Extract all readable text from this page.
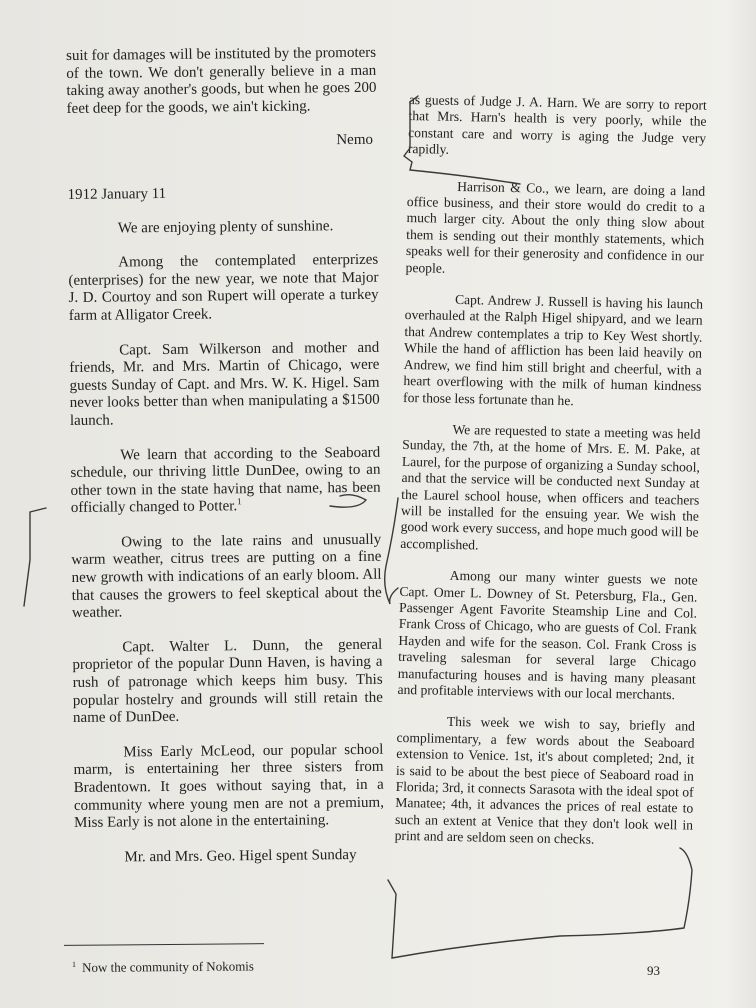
suit for damages will be instituted by the promoters of the town. We don't generally believe in a man taking away another's goods, but when he goes 200 feet deep for the goods, we ain't kicking.

Nemo

1912 January 11

We are enjoying plenty of sunshine.

Among the contemplated enterprizes (enterprises) for the new year, we note that Major J. D. Courtoy and son Rupert will operate a turkey farm at Alligator Creek.

Capt. Sam Wilkerson and mother and friends, Mr. and Mrs. Martin of Chicago, were guests Sunday of Capt. and Mrs. W. K. Higel. Sam never looks better than when manipulating a $1500 launch.

We learn that according to the Seaboard schedule, our thriving little DunDee, owing to an other town in the state having that name, has been officially changed to Potter.$^1$

Owing to the late rains and unusually warm weather, citrus trees are putting on a fine new growth with indications of an early bloom. All that causes the growers to feel skeptical about the weather.

Capt. Walter L. Dunn, the general proprietor of the popular Dunn Haven, is having a rush of patronage which keeps him busy. This popular hostelry and grounds will still retain the name of DunDee.

Miss Early McLeod, our popular school marm, is entertaining her three sisters from Bradentown. It goes without saying that, in a community where young men are not a premium, Miss Early is not alone in the entertaining.

Mr. and Mrs. Geo. Higel spent Sunday

as guests of Judge J. A. Harn. We are sorry to report that Mrs. Harn's health is very poorly, while the constant care and worry is aging the Judge very rapidly.

Harrison & Co., we learn, are doing a land office business, and their store would do credit to a much larger city. About the only thing slow about them is sending out their monthly statements, which speaks well for their generosity and confidence in our people.

Capt. Andrew J. Russell is having his launch overhauled at the Ralph Higel shipyard, and we learn that Andrew contemplates a trip to Key West shortly. While the hand of affliction has been laid heavily on Andrew, we find him still bright and cheerful, with a heart overflowing with the milk of human kindness for those less fortunate than he.

We are requested to state a meeting was held Sunday, the 7th, at the home of Mrs. E. M. Pake, at Laurel, for the purpose of organizing a Sunday school, and that the service will be conducted next Sunday at the Laurel school house, when officers and teachers will be installed for the ensuing year. We wish the good work every success, and hope much good will be accomplished.

Among our many winter guests we note Capt. Omer L. Downey of St. Petersburg, Fla., Gen. Passenger Agent Favorite Steamship Line and Col. Frank Cross of Chicago, who are guests of Col. Frank Hayden and wife for the season. Col. Frank Cross is traveling salesman for several large Chicago manufacturing houses and is having many pleasant and profitable interviews with our local merchants.

This week we wish to say, briefly and complimentary, a few words about the Seaboard extension to Venice. 1st, it's about completed; 2nd, it is said to be about the best piece of Seaboard road in Florida; 3rd, it connects Sarasota with the ideal spot of Manatee; 4th, it advances the prices of real estate to such an extent at Venice that they don't look well in print and are seldom seen on checks.

$^1$ Now the community of Nokomis	93
